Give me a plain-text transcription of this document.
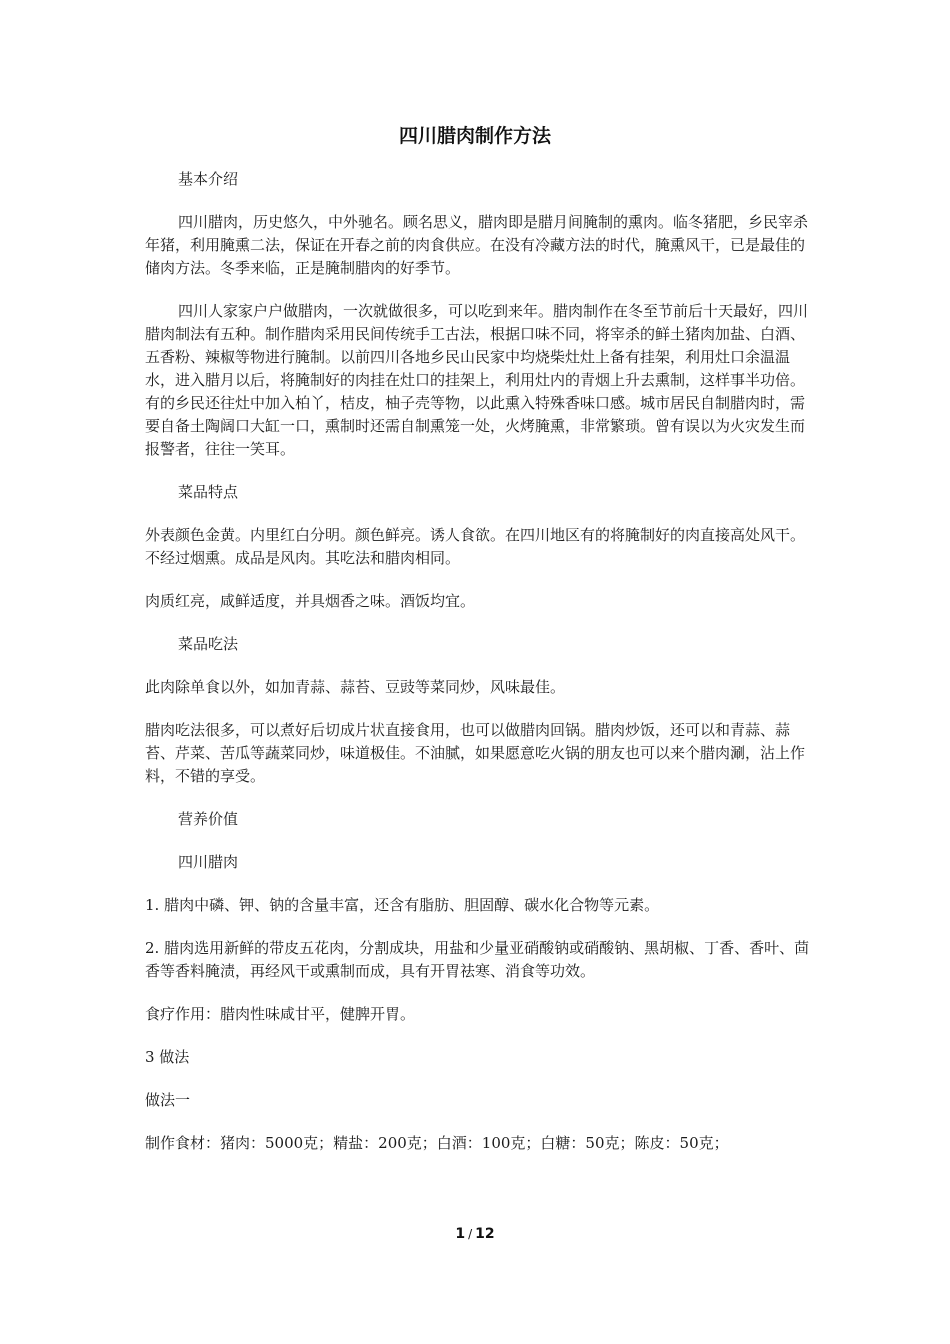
四川腊肉制作方法

基本介绍

四川腊肉，历史悠久，中外驰名。顾名思义，腊肉即是腊月间腌制的熏肉。临冬猪肥，乡民宰杀年猪，利用腌熏二法，保证在开春之前的肉食供应。在没有冷藏方法的时代，腌熏风干，已是最佳的储肉方法。冬季来临，正是腌制腊肉的好季节。

四川人家家户户做腊肉，一次就做很多，可以吃到来年。腊肉制作在冬至节前后十天最好，四川腊肉制法有五种。制作腊肉采用民间传统手工古法，根据口味不同，将宰杀的鲜土猪肉加盐、白酒、五香粉、辣椒等物进行腌制。以前四川各地乡民山民家中均烧柴灶灶上备有挂架，利用灶口余温温水，进入腊月以后，将腌制好的肉挂在灶口的挂架上，利用灶内的青烟上升去熏制，这样事半功倍。有的乡民还往灶中加入柏丫，桔皮，柚子壳等物，以此熏入特殊香味口感。城市居民自制腊肉时，需要自备土陶阔口大缸一口，熏制时还需自制熏笼一处，火烤腌熏，非常繁琐。曾有误以为火灾发生而报警者，往往一笑耳。

菜品特点

外表颜色金黄。内里红白分明。颜色鲜亮。诱人食欲。在四川地区有的将腌制好的肉直接高处风干。不经过烟熏。成品是风肉。其吃法和腊肉相同。

肉质红亮，咸鲜适度，并具烟香之味。酒饭均宜。

菜品吃法

此肉除单食以外，如加青蒜、蒜苔、豆豉等菜同炒，风味最佳。

腊肉吃法很多，可以煮好后切成片状直接食用，也可以做腊肉回锅。腊肉炒饭，还可以和青蒜、蒜苔、芹菜、苦瓜等蔬菜同炒，味道极佳。不油腻，如果愿意吃火锅的朋友也可以来个腊肉涮，沾上作料，不错的享受。

营养价值

四川腊肉

1. 腊肉中磷、钾、钠的含量丰富，还含有脂肪、胆固醇、碳水化合物等元素。

2. 腊肉选用新鲜的带皮五花肉，分割成块，用盐和少量亚硝酸钠或硝酸钠、黑胡椒、丁香、香叶、茴香等香料腌渍，再经风干或熏制而成，具有开胃祛寒、消食等功效。

食疗作用：腊肉性味咸甘平，健脾开胃。

3 做法

做法一

制作食材：猪肉：5000克；精盐：200克；白酒：100克；白糖：50克；陈皮：50克；

1 / 12
